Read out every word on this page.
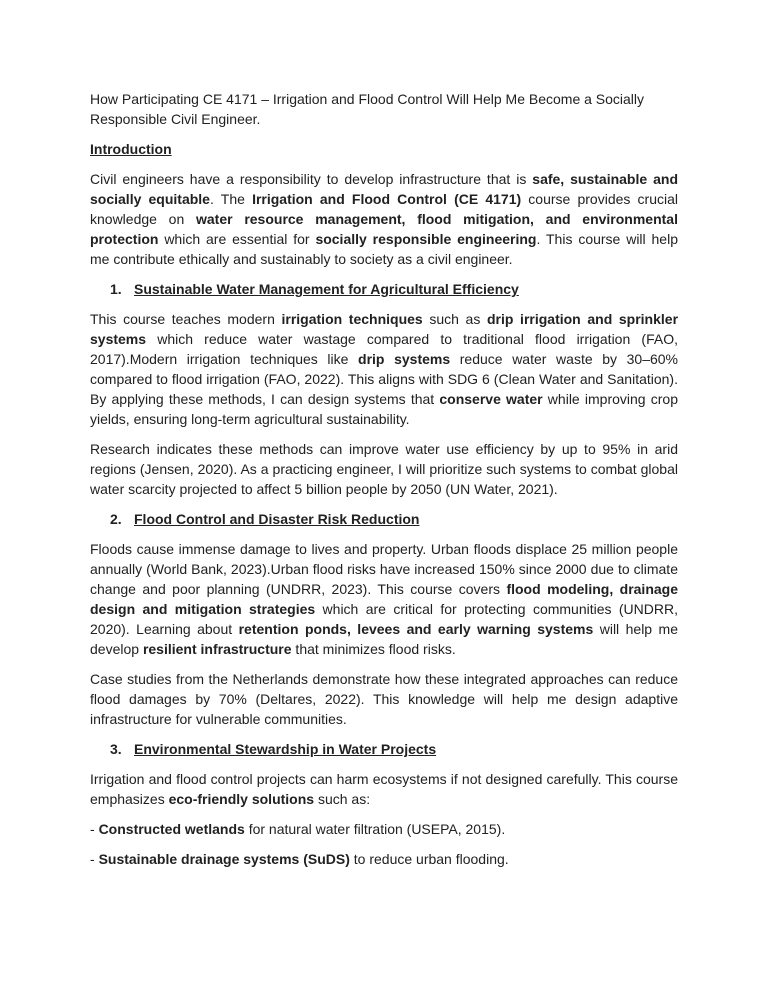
How Participating CE 4171 – Irrigation and Flood Control Will Help Me Become a Socially Responsible Civil Engineer.
Introduction
Civil engineers have a responsibility to develop infrastructure that is safe, sustainable and socially equitable. The Irrigation and Flood Control (CE 4171) course provides crucial knowledge on water resource management, flood mitigation, and environmental protection which are essential for socially responsible engineering. This course will help me contribute ethically and sustainably to society as a civil engineer.
1. Sustainable Water Management for Agricultural Efficiency
This course teaches modern irrigation techniques such as drip irrigation and sprinkler systems which reduce water wastage compared to traditional flood irrigation (FAO, 2017).Modern irrigation techniques like drip systems reduce water waste by 30–60% compared to flood irrigation (FAO, 2022). This aligns with SDG 6 (Clean Water and Sanitation). By applying these methods, I can design systems that conserve water while improving crop yields, ensuring long-term agricultural sustainability.
Research indicates these methods can improve water use efficiency by up to 95% in arid regions (Jensen, 2020). As a practicing engineer, I will prioritize such systems to combat global water scarcity projected to affect 5 billion people by 2050 (UN Water, 2021).
2. Flood Control and Disaster Risk Reduction
Floods cause immense damage to lives and property. Urban floods displace 25 million people annually (World Bank, 2023).Urban flood risks have increased 150% since 2000 due to climate change and poor planning (UNDRR, 2023). This course covers flood modeling, drainage design and mitigation strategies which are critical for protecting communities (UNDRR, 2020). Learning about retention ponds, levees and early warning systems will help me develop resilient infrastructure that minimizes flood risks.
Case studies from the Netherlands demonstrate how these integrated approaches can reduce flood damages by 70% (Deltares, 2022). This knowledge will help me design adaptive infrastructure for vulnerable communities.
3. Environmental Stewardship in Water Projects
Irrigation and flood control projects can harm ecosystems if not designed carefully. This course emphasizes eco-friendly solutions such as:
- Constructed wetlands for natural water filtration (USEPA, 2015).
- Sustainable drainage systems (SuDS) to reduce urban flooding.
